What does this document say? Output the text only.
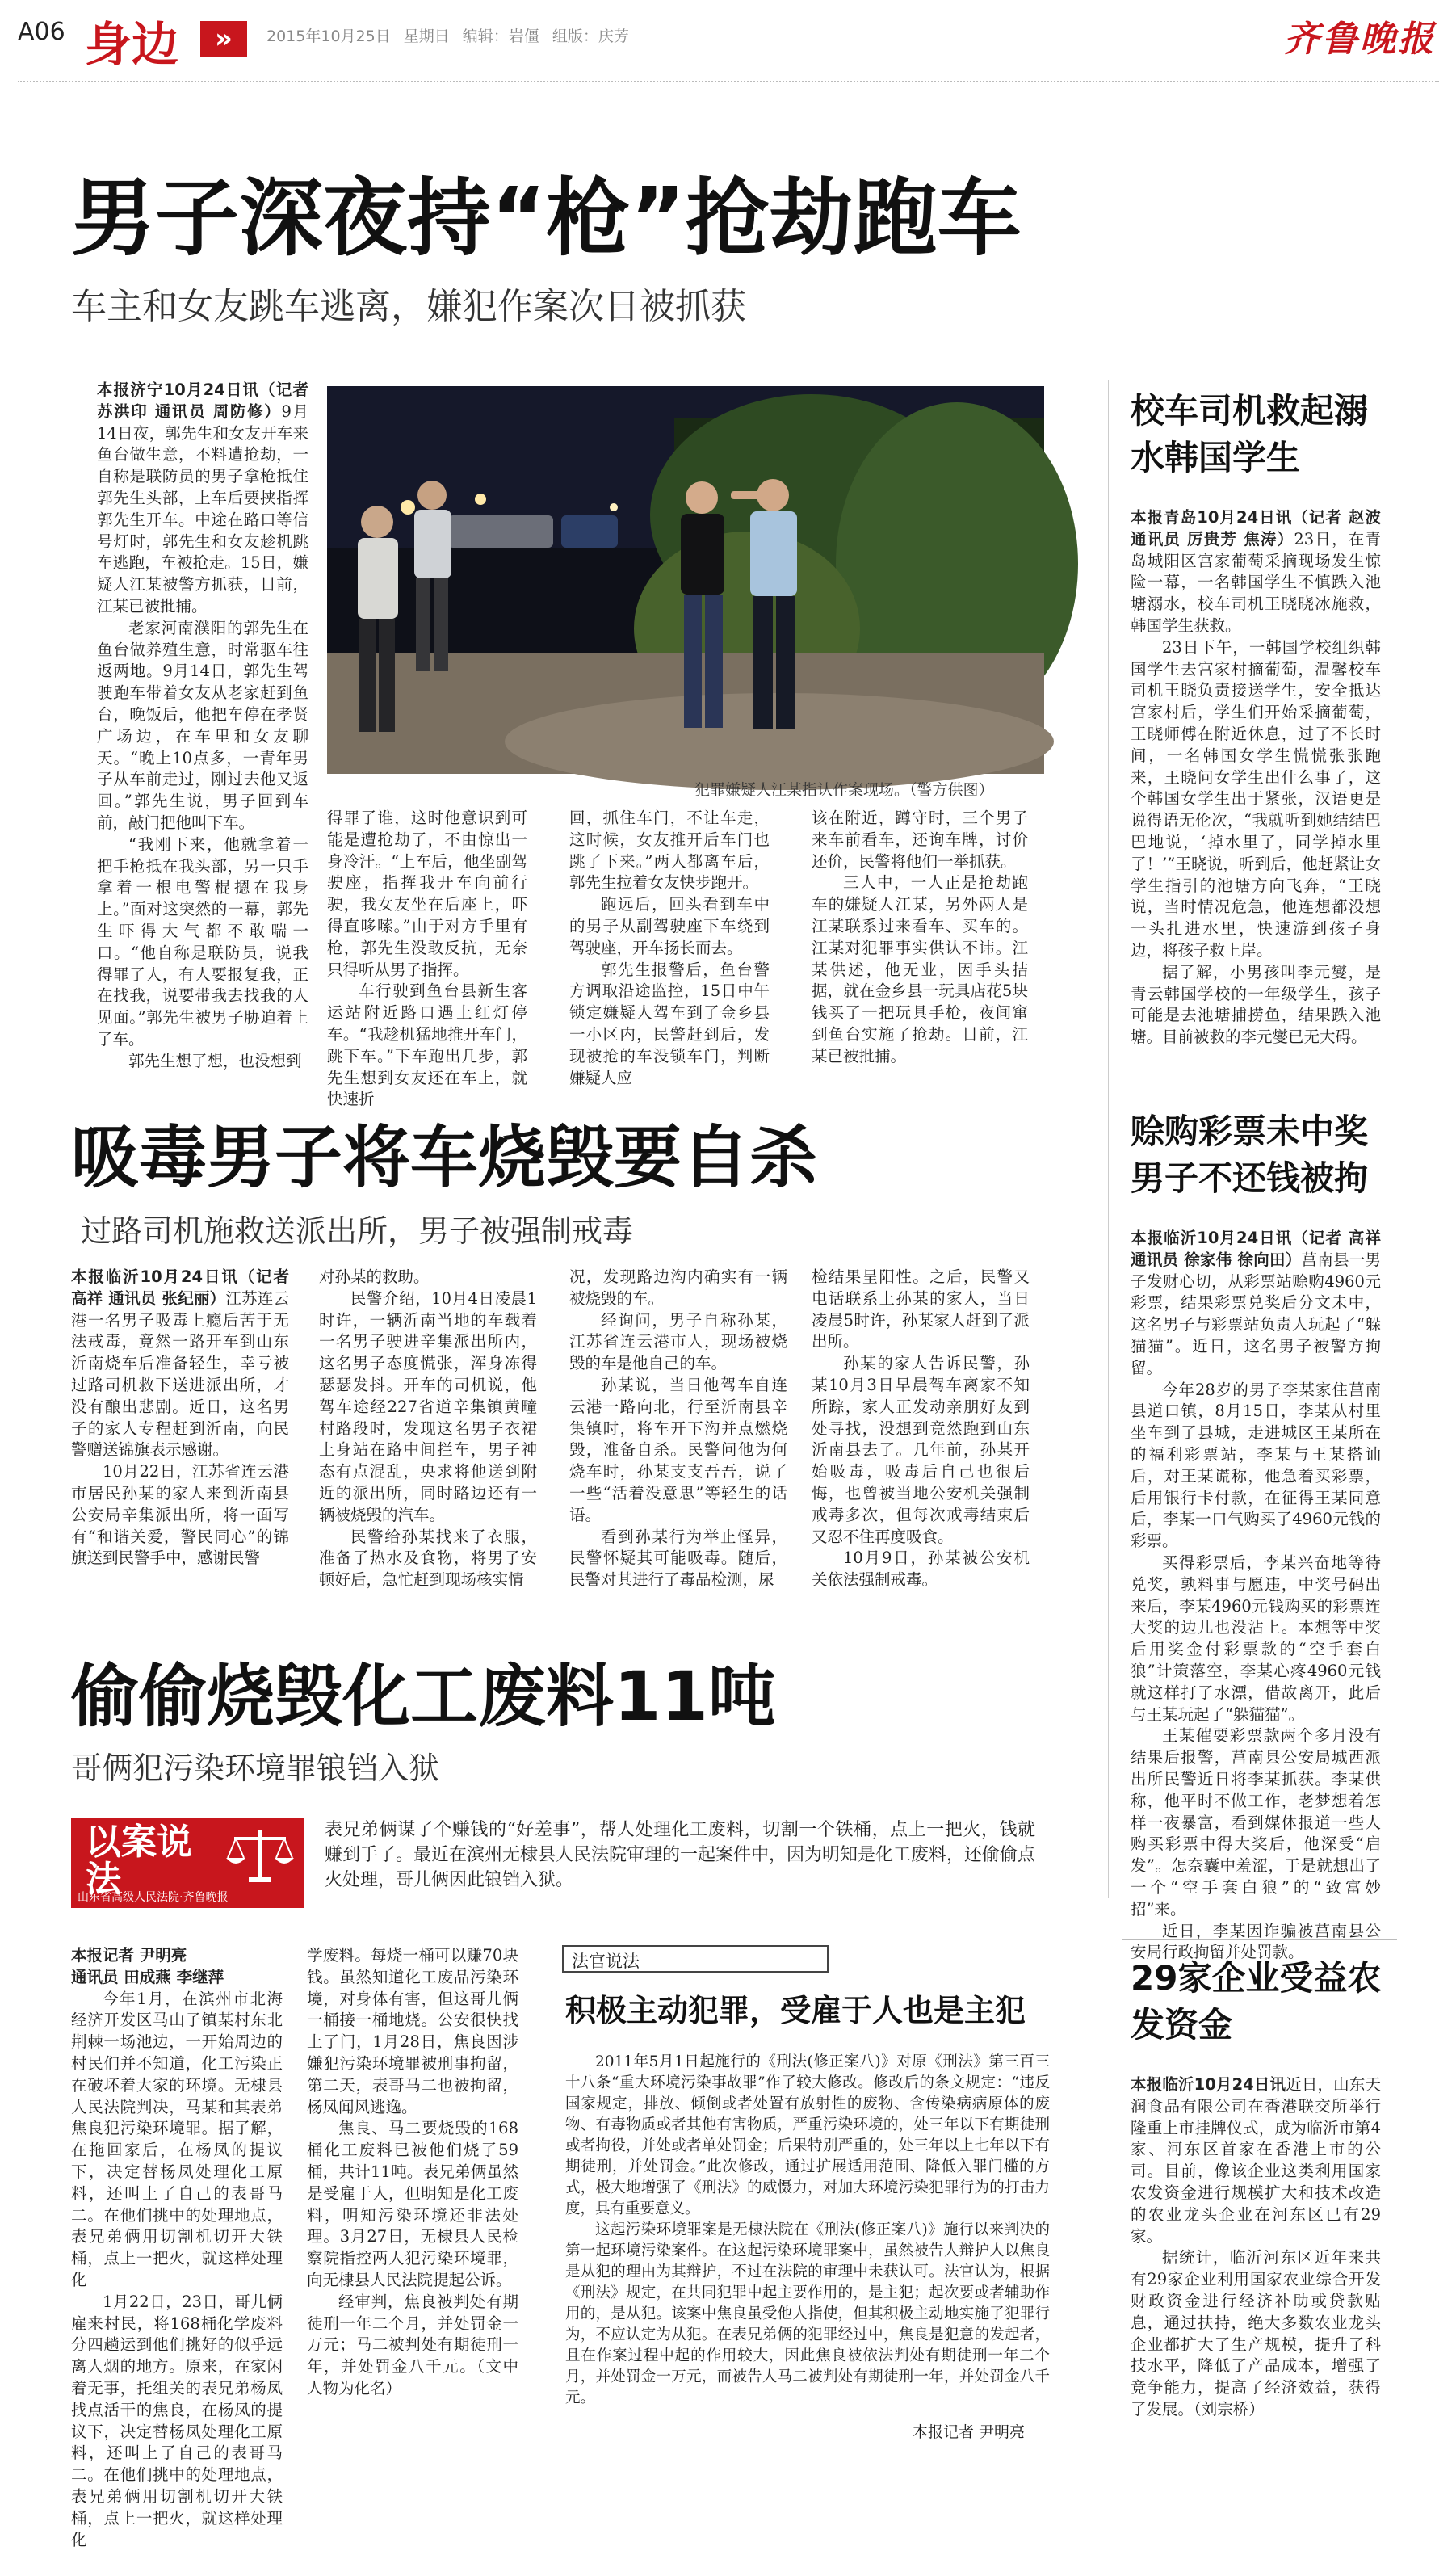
A06 身边	»	2015年10月25日 星期日 编辑：岩僵 组版：庆芳	齐鲁晚报
男子深夜持“枪”抢劫跑车
车主和女友跳车逃离，嫌犯作案次日被抓获

本报济宁10月24日讯（记者 苏洪印 通讯员 周防修）9月14日夜，郭先生和女友开车来鱼台做生意，不料遭抢劫，一自称是联防员的男子拿枪抵住郭先生头部，上车后要挟指挥郭先生开车。中途在路口等信号灯时，郭先生和女友趁机跳车逃跑，车被抢走。15日，嫌疑人江某被警方抓获，目前，江某已被批捕。

老家河南濮阳的郭先生在鱼台做养殖生意，时常驱车往返两地。9月14日，郭先生驾驶跑车带着女友从老家赶到鱼台，晚饭后，他把车停在孝贤广场边，在车里和女友聊天。“晚上10点多，一青年男子从车前走过，刚过去他又返回。”郭先生说，男子回到车前，敲门把他叫下车。

“我刚下来，他就拿着一把手枪抵在我头部，另一只手拿着一根电警棍摁在我身上。”面对这突然的一幕，郭先生吓得大气都不敢喘一口。“他自称是联防员，说我得罪了人，有人要报复我，正在找我，说要带我去找我的人见面。”郭先生被男子胁迫着上了车。

郭先生想了想，也没想到

犯罪嫌疑人江某指认作案现场。（警方供图）

得罪了谁，这时他意识到可能是遭抢劫了，不由惊出一身冷汗。“上车后，他坐副驾驶座，指挥我开车向前行驶，我女友坐在后座上，吓得直哆嗦。”由于对方手里有枪，郭先生没敢反抗，无奈只得听从男子指挥。

车行驶到鱼台县新生客运站附近路口遇上红灯停车。“我趁机猛地推开车门，跳下车。”下车跑出几步，郭先生想到女友还在车上，就快速折

回，抓住车门，不让车走，这时候，女友推开后车门也跳了下来。”两人都离车后，郭先生拉着女友快步跑开。

跑远后，回头看到车中的男子从副驾驶座下车绕到驾驶座，开车扬长而去。

郭先生报警后，鱼台警方调取沿途监控，15日中午锁定嫌疑人驾车到了金乡县一小区内，民警赶到后，发现被抢的车没锁车门，判断嫌疑人应

该在附近，蹲守时，三个男子来车前看车，还询车牌，讨价还价，民警将他们一举抓获。

三人中，一人正是抢劫跑车的嫌疑人江某，另外两人是江某联系过来看车、买车的。江某对犯罪事实供认不讳。江某供述，他无业，因手头拮据，就在金乡县一玩具店花5块钱买了一把玩具手枪，夜间窜到鱼台实施了抢劫。目前，江某已被批捕。

吸毒男子将车烧毁要自杀
过路司机施救送派出所，男子被强制戒毒

本报临沂10月24日讯（记者 高祥 通讯员 张纪丽）江苏连云港一名男子吸毒上瘾后苦于无法戒毒，竟然一路开车到山东沂南烧车后准备轻生，幸亏被过路司机救下送进派出所，才没有酿出悲剧。近日，这名男子的家人专程赶到沂南，向民警赠送锦旗表示感谢。

10月22日，江苏省连云港市居民孙某的家人来到沂南县公安局辛集派出所，将一面写有“和谐关爱，警民同心”的锦旗送到民警手中，感谢民警

对孙某的救助。

民警介绍，10月4日凌晨1时许，一辆沂南当地的车载着一名男子驶进辛集派出所内，这名男子态度慌张，浑身冻得瑟瑟发抖。开车的司机说，他驾车途经227省道辛集镇黄疃村路段时，发现这名男子衣裙上身站在路中间拦车，男子神态有点混乱，央求将他送到附近的派出所，同时路边还有一辆被烧毁的汽车。

民警给孙某找来了衣服，准备了热水及食物，将男子安顿好后，急忙赶到现场核实情

况，发现路边沟内确实有一辆被烧毁的车。

经询问，男子自称孙某，江苏省连云港市人，现场被烧毁的车是他自己的车。

孙某说，当日他驾车自连云港一路向北，行至沂南县辛集镇时，将车开下沟并点燃烧毁，准备自杀。民警问他为何烧车时，孙某支支吾吾，说了一些“活着没意思”等轻生的话语。

看到孙某行为举止怪异，民警怀疑其可能吸毒。随后，民警对其进行了毒品检测，尿

检结果呈阳性。之后，民警又电话联系上孙某的家人，当日凌晨5时许，孙某家人赶到了派出所。

孙某的家人告诉民警，孙某10月3日早晨驾车离家不知所踪，家人正发动亲朋好友到处寻找，没想到竟然跑到山东沂南县去了。几年前，孙某开始吸毒，吸毒后自己也很后悔，也曾被当地公安机关强制戒毒多次，但每次戒毒结束后又忍不住再度吸食。

10月9日，孙某被公安机关依法强制戒毒。

偷偷烧毁化工废料11吨
哥俩犯污染环境罪锒铛入狱
以案说法
山东省高级人民法院·齐鲁晚报
表兄弟俩谋了个赚钱的“好差事”，帮人处理化工废料，切割一个铁桶，点上一把火，钱就赚到手了。最近在滨州无棣县人民法院审理的一起案件中，因为明知是化工废料，还偷偷点火处理，哥儿俩因此锒铛入狱。

本报记者 尹明亮

通讯员 田成燕 李继萍

今年1月，在滨州市北海经济开发区马山子镇某村东北荆棘一场池边，一开始周边的村民们并不知道，化工污染正在破坏着大家的环境。无棣县人民法院判决，马某和其表弟焦良犯污染环境罪。据了解，在拖回家后，在杨凤的提议下，决定替杨凤处理化工原料，还叫上了自己的表哥马二。在他们挑中的处理地点，表兄弟俩用切割机切开大铁桶，点上一把火，就这样处理化

1月22日，23日，哥儿俩雇来村民，将168桶化学废料分四趟运到他们挑好的似乎远离人烟的地方。原来，在家闲着无事，托组关的表兄弟杨凤找点活干的焦良，在杨凤的提议下，决定替杨凤处理化工原料，还叫上了自己的表哥马二。在他们挑中的处理地点，表兄弟俩用切割机切开大铁桶，点上一把火，就这样处理化

学废料。每烧一桶可以赚70块钱。虽然知道化工废品污染环境，对身体有害，但这哥儿俩一桶接一桶地烧。公安很快找上了门，1月28日，焦良因涉嫌犯污染环境罪被刑事拘留，第二天，表哥马二也被拘留，杨凤闻风逃逸。

焦良、马二要烧毁的168桶化工废料已被他们烧了59桶，共计11吨。表兄弟俩虽然是受雇于人，但明知是化工废料，明知污染环境还非法处理。3月27日，无棣县人民检察院指控两人犯污染环境罪，向无棣县人民法院提起公诉。

经审判，焦良被判处有期徒刑一年二个月，并处罚金一万元；马二被判处有期徒刑一年，并处罚金八千元。（文中人物为化名）

法官说法
积极主动犯罪，受雇于人也是主犯

2011年5月1日起施行的《刑法(修正案八)》对原《刑法》第三百三十八条“重大环境污染事故罪”作了较大修改。修改后的条文规定：“违反国家规定，排放、倾倒或者处置有放射性的废物、含传染病病原体的废物、有毒物质或者其他有害物质，严重污染环境的，处三年以下有期徒刑或者拘役，并处或者单处罚金；后果特别严重的，处三年以上七年以下有期徒刑，并处罚金。”此次修改，通过扩展适用范围、降低入罪门槛的方式，极大地增强了《刑法》的威慑力，对加大环境污染犯罪行为的打击力度，具有重要意义。

这起污染环境罪案是无棣法院在《刑法(修正案八)》施行以来判决的第一起环境污染案件。在这起污染环境罪案中，虽然被告人辩护人以焦良是从犯的理由为其辩护，不过在法院的审理中未获认可。法官认为，根据《刑法》规定，在共同犯罪中起主要作用的，是主犯；起次要或者辅助作用的，是从犯。该案中焦良虽受他人指使，但其积极主动地实施了犯罪行为，不应认定为从犯。在表兄弟俩的犯罪经过中，焦良是犯意的发起者，且在作案过程中起的作用较大，因此焦良被依法判处有期徒刑一年二个月，并处罚金一万元，而被告人马二被判处有期徒刑一年，并处罚金八千元。

本报记者 尹明亮
校车司机救起溺水韩国学生

本报青岛10月24日讯（记者 赵波 通讯员 厉贵芳 焦涛）23日，在青岛城阳区宫家葡萄采摘现场发生惊险一幕，一名韩国学生不慎跌入池塘溺水，校车司机王晓晓冰施救，韩国学生获救。

23日下午，一韩国学校组织韩国学生去宫家村摘葡萄，温馨校车司机王晓负责接送学生，安全抵达宫家村后，学生们开始采摘葡萄，王晓师傅在附近休息，过了不长时间，一名韩国女学生慌慌张张跑来，王晓问女学生出什么事了，这个韩国女学生出于紧张，汉语更是说得语无伦次，“我就听到她结结巴巴地说，‘掉水里了，同学掉水里了！’”王晓说，听到后，他赶紧让女学生指引的池塘方向飞奔，“王晓说，当时情况危急，他连想都没想一头扎进水里，快速游到孩子身边，将孩子救上岸。

据了解，小男孩叫李元燮，是青云韩国学校的一年级学生，孩子可能是去池塘捕捞鱼，结果跌入池塘。目前被救的李元燮已无大碍。

赊购彩票未中奖男子不还钱被拘

本报临沂10月24日讯（记者 高祥 通讯员 徐家伟 徐向田）莒南县一男子发财心切，从彩票站赊购4960元彩票，结果彩票兑奖后分文未中，这名男子与彩票站负责人玩起了“躲猫猫”。近日，这名男子被警方拘留。

今年28岁的男子李某家住莒南县道口镇，8月15日，李某从村里坐车到了县城，走进城区王某所在的福利彩票站，李某与王某搭讪后，对王某谎称，他急着买彩票，后用银行卡付款，在征得王某同意后，李某一口气购买了4960元钱的彩票。

买得彩票后，李某兴奋地等待兑奖，孰料事与愿违，中奖号码出来后，李某4960元钱购买的彩票连大奖的边儿也没沾上。本想等中奖后用奖金付彩票款的“空手套白狼”计策落空，李某心疼4960元钱就这样打了水漂，借故离开，此后与王某玩起了“躲猫猫”。

王某催要彩票款两个多月没有结果后报警，莒南县公安局城西派出所民警近日将李某抓获。李某供称，他平时不做工作，老梦想着怎样一夜暴富，看到媒体报道一些人购买彩票中得大奖后，他深受“启发”。怎奈囊中羞涩，于是就想出了一个“空手套白狼”的“致富妙招”来。

近日，李某因诈骗被莒南县公安局行政拘留并处罚款。

29家企业受益农发资金

本报临沂10月24日讯近日，山东天润食品有限公司在香港联交所举行隆重上市挂牌仪式，成为临沂市第4家、河东区首家在香港上市的公司。目前，像该企业这类利用国家农发资金进行规模扩大和技术改造的农业龙头企业在河东区已有29家。

据统计，临沂河东区近年来共有29家企业利用国家农业综合开发财政资金进行经济补助或贷款贴息，通过扶持，绝大多数农业龙头企业都扩大了生产规模，提升了科技水平，降低了产品成本，增强了竞争能力，提高了经济效益，获得了发展。（刘宗桥）
